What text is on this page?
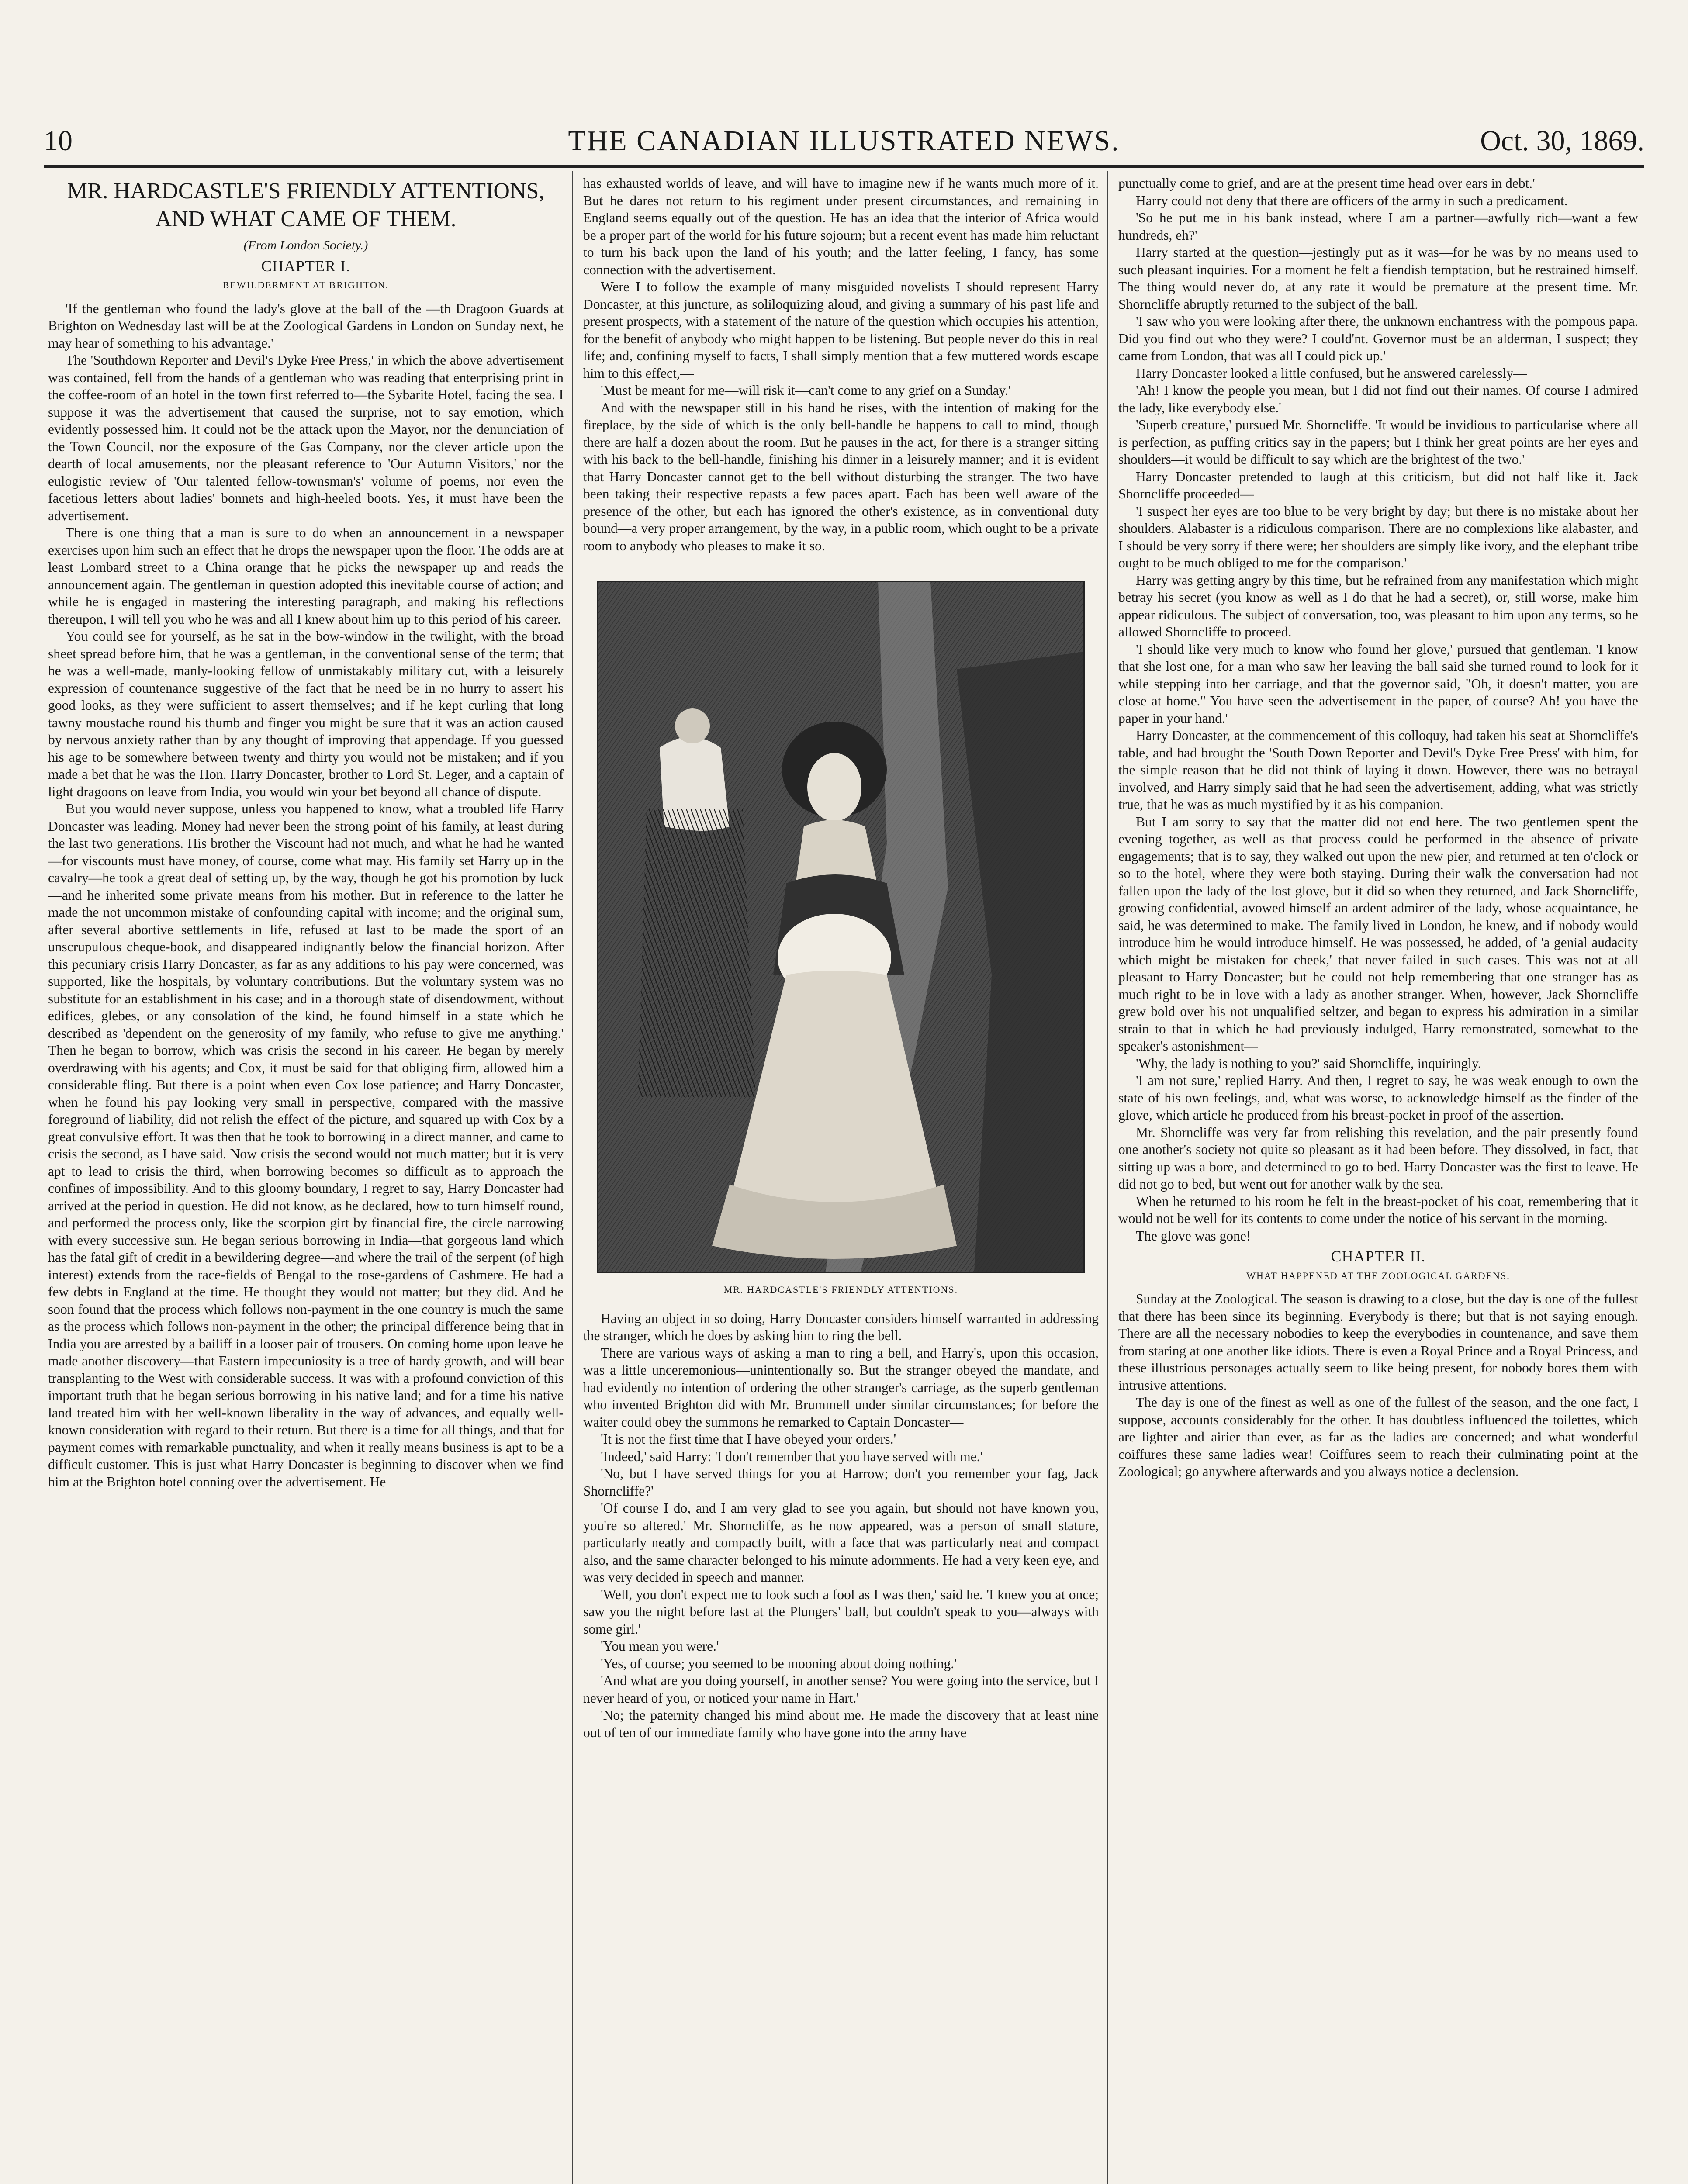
10	THE CANADIAN ILLUSTRATED NEWS.	Oct. 30, 1869.
MR. HARDCASTLE'S FRIENDLY ATTENTIONS, AND WHAT CAME OF THEM.
(From London Society.)
CHAPTER I.
BEWILDERMENT AT BRIGHTON.

'If the gentleman who found the lady's glove at the ball of the —th Dragoon Guards at Brighton on Wednesday last will be at the Zoological Gardens in London on Sunday next, he may hear of something to his advantage.'

The 'Southdown Reporter and Devil's Dyke Free Press,' in which the above advertisement was contained, fell from the hands of a gentleman who was reading that enterprising print in the coffee-room of an hotel in the town first referred to—the Sybarite Hotel, facing the sea. I suppose it was the advertisement that caused the surprise, not to say emotion, which evidently possessed him. It could not be the attack upon the Mayor, nor the denunciation of the Town Council, nor the exposure of the Gas Company, nor the clever article upon the dearth of local amusements, nor the pleasant reference to 'Our Autumn Visitors,' nor the eulogistic review of 'Our talented fellow-townsman's' volume of poems, nor even the facetious letters about ladies' bonnets and high-heeled boots. Yes, it must have been the advertisement.

There is one thing that a man is sure to do when an announcement in a newspaper exercises upon him such an effect that he drops the newspaper upon the floor. The odds are at least Lombard street to a China orange that he picks the newspaper up and reads the announcement again. The gentleman in question adopted this inevitable course of action; and while he is engaged in mastering the interesting paragraph, and making his reflections thereupon, I will tell you who he was and all I knew about him up to this period of his career.

You could see for yourself, as he sat in the bow-window in the twilight, with the broad sheet spread before him, that he was a gentleman, in the conventional sense of the term; that he was a well-made, manly-looking fellow of unmistakably military cut, with a leisurely expression of countenance suggestive of the fact that he need be in no hurry to assert his good looks, as they were sufficient to assert themselves; and if he kept curling that long tawny moustache round his thumb and finger you might be sure that it was an action caused by nervous anxiety rather than by any thought of improving that appendage. If you guessed his age to be somewhere between twenty and thirty you would not be mistaken; and if you made a bet that he was the Hon. Harry Doncaster, brother to Lord St. Leger, and a captain of light dragoons on leave from India, you would win your bet beyond all chance of dispute.

But you would never suppose, unless you happened to know, what a troubled life Harry Doncaster was leading. Money had never been the strong point of his family, at least during the last two generations. His brother the Viscount had not much, and what he had he wanted—for viscounts must have money, of course, come what may. His family set Harry up in the cavalry—he took a great deal of setting up, by the way, though he got his promotion by luck—and he inherited some private means from his mother. But in reference to the latter he made the not uncommon mistake of confounding capital with income; and the original sum, after several abortive settlements in life, refused at last to be made the sport of an unscrupulous cheque-book, and disappeared indignantly below the financial horizon. After this pecuniary crisis Harry Doncaster, as far as any additions to his pay were concerned, was supported, like the hospitals, by voluntary contributions. But the voluntary system was no substitute for an establishment in his case; and in a thorough state of disendowment, without edifices, glebes, or any consolation of the kind, he found himself in a state which he described as 'dependent on the generosity of my family, who refuse to give me anything.' Then he began to borrow, which was crisis the second in his career. He began by merely overdrawing with his agents; and Cox, it must be said for that obliging firm, allowed him a considerable fling. But there is a point when even Cox lose patience; and Harry Doncaster, when he found his pay looking very small in perspective, compared with the massive foreground of liability, did not relish the effect of the picture, and squared up with Cox by a great convulsive effort. It was then that he took to borrowing in a direct manner, and came to crisis the second, as I have said. Now crisis the second would not much matter; but it is very apt to lead to crisis the third, when borrowing becomes so difficult as to approach the confines of impossibility. And to this gloomy boundary, I regret to say, Harry Doncaster had arrived at the period in question. He did not know, as he declared, how to turn himself round, and performed the process only, like the scorpion girt by financial fire, the circle narrowing with every successive sun. He began serious borrowing in India—that gorgeous land which has the fatal gift of credit in a bewildering degree—and where the trail of the serpent (of high interest) extends from the race-fields of Bengal to the rose-gardens of Cashmere. He had a few debts in England at the time. He thought they would not matter; but they did. And he soon found that the process which follows non-payment in the one country is much the same as the process which follows non-payment in the other; the principal difference being that in India you are arrested by a bailiff in a looser pair of trousers. On coming home upon leave he made another discovery—that Eastern impecuniosity is a tree of hardy growth, and will bear transplanting to the West with considerable success. It was with a profound conviction of this important truth that he began serious borrowing in his native land; and for a time his native land treated him with her well-known liberality in the way of advances, and equally well-known consideration with regard to their return. But there is a time for all things, and that for payment comes with remarkable punctuality, and when it really means business is apt to be a difficult customer. This is just what Harry Doncaster is beginning to discover when we find him at the Brighton hotel conning over the advertisement. He

has exhausted worlds of leave, and will have to imagine new if he wants much more of it. But he dares not return to his regiment under present circumstances, and remaining in England seems equally out of the question. He has an idea that the interior of Africa would be a proper part of the world for his future sojourn; but a recent event has made him reluctant to turn his back upon the land of his youth; and the latter feeling, I fancy, has some connection with the advertisement.

Were I to follow the example of many misguided novelists I should represent Harry Doncaster, at this juncture, as soliloquizing aloud, and giving a summary of his past life and present prospects, with a statement of the nature of the question which occupies his attention, for the benefit of anybody who might happen to be listening. But people never do this in real life; and, confining myself to facts, I shall simply mention that a few muttered words escape him to this effect,—

'Must be meant for me—will risk it—can't come to any grief on a Sunday.'

And with the newspaper still in his hand he rises, with the intention of making for the fireplace, by the side of which is the only bell-handle he happens to call to mind, though there are half a dozen about the room. But he pauses in the act, for there is a stranger sitting with his back to the bell-handle, finishing his dinner in a leisurely manner; and it is evident that Harry Doncaster cannot get to the bell without disturbing the stranger. The two have been taking their respective repasts a few paces apart. Each has been well aware of the presence of the other, but each has ignored the other's existence, as in conventional duty bound—a very proper arrangement, by the way, in a public room, which ought to be a private room to anybody who pleases to make it so.

MR. HARDCASTLE'S FRIENDLY ATTENTIONS.

Having an object in so doing, Harry Doncaster considers himself warranted in addressing the stranger, which he does by asking him to ring the bell.

There are various ways of asking a man to ring a bell, and Harry's, upon this occasion, was a little unceremonious—unintentionally so. But the stranger obeyed the mandate, and had evidently no intention of ordering the other stranger's carriage, as the superb gentleman who invented Brighton did with Mr. Brummell under similar circumstances; for before the waiter could obey the summons he remarked to Captain Doncaster—

'It is not the first time that I have obeyed your orders.'

'Indeed,' said Harry: 'I don't remember that you have served with me.'

'No, but I have served things for you at Harrow; don't you remember your fag, Jack Shorncliffe?'

'Of course I do, and I am very glad to see you again, but should not have known you, you're so altered.' Mr. Shorncliffe, as he now appeared, was a person of small stature, particularly neatly and compactly built, with a face that was particularly neat and compact also, and the same character belonged to his minute adornments. He had a very keen eye, and was very decided in speech and manner.

'Well, you don't expect me to look such a fool as I was then,' said he. 'I knew you at once; saw you the night before last at the Plungers' ball, but couldn't speak to you—always with some girl.'

'You mean you were.'

'Yes, of course; you seemed to be mooning about doing nothing.'

'And what are you doing yourself, in another sense? You were going into the service, but I never heard of you, or noticed your name in Hart.'

'No; the paternity changed his mind about me. He made the discovery that at least nine out of ten of our immediate family who have gone into the army have

punctually come to grief, and are at the present time head over ears in debt.'

Harry could not deny that there are officers of the army in such a predicament.

'So he put me in his bank instead, where I am a partner—awfully rich—want a few hundreds, eh?'

Harry started at the question—jestingly put as it was—for he was by no means used to such pleasant inquiries. For a moment he felt a fiendish temptation, but he restrained himself. The thing would never do, at any rate it would be premature at the present time. Mr. Shorncliffe abruptly returned to the subject of the ball.

'I saw who you were looking after there, the unknown enchantress with the pompous papa. Did you find out who they were? I could'nt. Governor must be an alderman, I suspect; they came from London, that was all I could pick up.'

Harry Doncaster looked a little confused, but he answered carelessly—

'Ah! I know the people you mean, but I did not find out their names. Of course I admired the lady, like everybody else.'

'Superb creature,' pursued Mr. Shorncliffe. 'It would be invidious to particularise where all is perfection, as puffing critics say in the papers; but I think her great points are her eyes and shoulders—it would be difficult to say which are the brightest of the two.'

Harry Doncaster pretended to laugh at this criticism, but did not half like it. Jack Shorncliffe proceeded—

'I suspect her eyes are too blue to be very bright by day; but there is no mistake about her shoulders. Alabaster is a ridiculous comparison. There are no complexions like alabaster, and I should be very sorry if there were; her shoulders are simply like ivory, and the elephant tribe ought to be much obliged to me for the comparison.'

Harry was getting angry by this time, but he refrained from any manifestation which might betray his secret (you know as well as I do that he had a secret), or, still worse, make him appear ridiculous. The subject of conversation, too, was pleasant to him upon any terms, so he allowed Shorncliffe to proceed.

'I should like very much to know who found her glove,' pursued that gentleman. 'I know that she lost one, for a man who saw her leaving the ball said she turned round to look for it while stepping into her carriage, and that the governor said, "Oh, it doesn't matter, you are close at home." You have seen the advertisement in the paper, of course? Ah! you have the paper in your hand.'

Harry Doncaster, at the commencement of this colloquy, had taken his seat at Shorncliffe's table, and had brought the 'South Down Reporter and Devil's Dyke Free Press' with him, for the simple reason that he did not think of laying it down. However, there was no betrayal involved, and Harry simply said that he had seen the advertisement, adding, what was strictly true, that he was as much mystified by it as his companion.

But I am sorry to say that the matter did not end here. The two gentlemen spent the evening together, as well as that process could be performed in the absence of private engagements; that is to say, they walked out upon the new pier, and returned at ten o'clock or so to the hotel, where they were both staying. During their walk the conversation had not fallen upon the lady of the lost glove, but it did so when they returned, and Jack Shorncliffe, growing confidential, avowed himself an ardent admirer of the lady, whose acquaintance, he said, he was determined to make. The family lived in London, he knew, and if nobody would introduce him he would introduce himself. He was possessed, he added, of 'a genial audacity which might be mistaken for cheek,' that never failed in such cases. This was not at all pleasant to Harry Doncaster; but he could not help remembering that one stranger has as much right to be in love with a lady as another stranger. When, however, Jack Shorncliffe grew bold over his not unqualified seltzer, and began to express his admiration in a similar strain to that in which he had previously indulged, Harry remonstrated, somewhat to the speaker's astonishment—

'Why, the lady is nothing to you?' said Shorncliffe, inquiringly.

'I am not sure,' replied Harry. And then, I regret to say, he was weak enough to own the state of his own feelings, and, what was worse, to acknowledge himself as the finder of the glove, which article he produced from his breast-pocket in proof of the assertion.

Mr. Shorncliffe was very far from relishing this revelation, and the pair presently found one another's society not quite so pleasant as it had been before. They dissolved, in fact, that sitting up was a bore, and determined to go to bed. Harry Doncaster was the first to leave. He did not go to bed, but went out for another walk by the sea.

When he returned to his room he felt in the breast-pocket of his coat, remembering that it would not be well for its contents to come under the notice of his servant in the morning.

The glove was gone!

CHAPTER II.
WHAT HAPPENED AT THE ZOOLOGICAL GARDENS.

Sunday at the Zoological. The season is drawing to a close, but the day is one of the fullest that there has been since its beginning. Everybody is there; but that is not saying enough. There are all the necessary nobodies to keep the everybodies in countenance, and save them from staring at one another like idiots. There is even a Royal Prince and a Royal Princess, and these illustrious personages actually seem to like being present, for nobody bores them with intrusive attentions.

The day is one of the finest as well as one of the fullest of the season, and the one fact, I suppose, accounts considerably for the other. It has doubtless influenced the toilettes, which are lighter and airier than ever, as far as the ladies are concerned; and what wonderful coiffures these same ladies wear! Coiffures seem to reach their culminating point at the Zoological; go anywhere afterwards and you always notice a declension.
